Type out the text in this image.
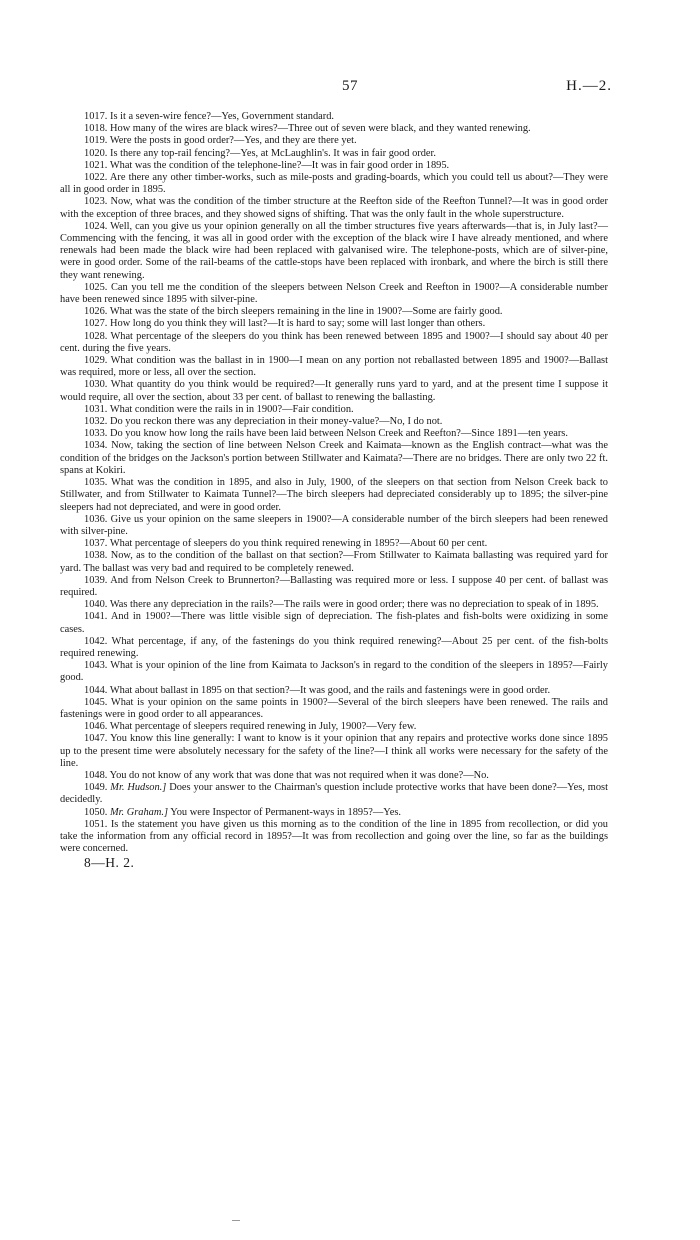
57	H.—2.

1017. Is it a seven-wire fence?—Yes, Government standard.

1018. How many of the wires are black wires?—Three out of seven were black, and they wanted renewing.

1019. Were the posts in good order?—Yes, and they are there yet.

1020. Is there any top-rail fencing?—Yes, at McLaughlin's. It was in fair good order.

1021. What was the condition of the telephone-line?—It was in fair good order in 1895.

1022. Are there any other timber-works, such as mile-posts and grading-boards, which you could tell us about?—They were all in good order in 1895.

1023. Now, what was the condition of the timber structure at the Reefton side of the Reefton Tunnel?—It was in good order with the exception of three braces, and they showed signs of shifting. That was the only fault in the whole superstructure.

1024. Well, can you give us your opinion generally on all the timber structures five years afterwards—that is, in July last?—Commencing with the fencing, it was all in good order with the exception of the black wire I have already mentioned, and where renewals had been made the black wire had been replaced with galvanised wire. The telephone-posts, which are of silver-pine, were in good order. Some of the rail-beams of the cattle-stops have been replaced with ironbark, and where the birch is still there they want renewing.

1025. Can you tell me the condition of the sleepers between Nelson Creek and Reefton in 1900?—A considerable number have been renewed since 1895 with silver-pine.

1026. What was the state of the birch sleepers remaining in the line in 1900?—Some are fairly good.

1027. How long do you think they will last?—It is hard to say; some will last longer than others.

1028. What percentage of the sleepers do you think has been renewed between 1895 and 1900?—I should say about 40 per cent. during the five years.

1029. What condition was the ballast in in 1900—I mean on any portion not reballasted between 1895 and 1900?—Ballast was required, more or less, all over the section.

1030. What quantity do you think would be required?—It generally runs yard to yard, and at the present time I suppose it would require, all over the section, about 33 per cent. of ballast to renewing the ballasting.

1031. What condition were the rails in in 1900?—Fair condition.

1032. Do you reckon there was any depreciation in their money-value?—No, I do not.

1033. Do you know how long the rails have been laid between Nelson Creek and Reefton?—Since 1891—ten years.

1034. Now, taking the section of line between Nelson Creek and Kaimata—known as the English contract—what was the condition of the bridges on the Jackson's portion between Stillwater and Kaimata?—There are no bridges. There are only two 22 ft. spans at Kokiri.

1035. What was the condition in 1895, and also in July, 1900, of the sleepers on that section from Nelson Creek back to Stillwater, and from Stillwater to Kaimata Tunnel?—The birch sleepers had depreciated considerably up to 1895; the silver-pine sleepers had not depreciated, and were in good order.

1036. Give us your opinion on the same sleepers in 1900?—A considerable number of the birch sleepers had been renewed with silver-pine.

1037. What percentage of sleepers do you think required renewing in 1895?—About 60 per cent.

1038. Now, as to the condition of the ballast on that section?—From Stillwater to Kaimata ballasting was required yard for yard. The ballast was very bad and required to be completely renewed.

1039. And from Nelson Creek to Brunnerton?—Ballasting was required more or less. I suppose 40 per cent. of ballast was required.

1040. Was there any depreciation in the rails?—The rails were in good order; there was no depreciation to speak of in 1895.

1041. And in 1900?—There was little visible sign of depreciation. The fish-plates and fish-bolts were oxidizing in some cases.

1042. What percentage, if any, of the fastenings do you think required renewing?—About 25 per cent. of the fish-bolts required renewing.

1043. What is your opinion of the line from Kaimata to Jackson's in regard to the condition of the sleepers in 1895?—Fairly good.

1044. What about ballast in 1895 on that section?—It was good, and the rails and fastenings were in good order.

1045. What is your opinion on the same points in 1900?—Several of the birch sleepers have been renewed. The rails and fastenings were in good order to all appearances.

1046. What percentage of sleepers required renewing in July, 1900?—Very few.

1047. You know this line generally: I want to know is it your opinion that any repairs and protective works done since 1895 up to the present time were absolutely necessary for the safety of the line?—I think all works were necessary for the safety of the line.

1048. You do not know of any work that was done that was not required when it was done?—No.

1049. Mr. Hudson.] Does your answer to the Chairman's question include protective works that have been done?—Yes, most decidedly.

1050. Mr. Graham.] You were Inspector of Permanent-ways in 1895?—Yes.

1051. Is the statement you have given us this morning as to the condition of the line in 1895 from recollection, or did you take the information from any official record in 1895?—It was from recollection and going over the line, so far as the buildings were concerned.

8—H. 2.
